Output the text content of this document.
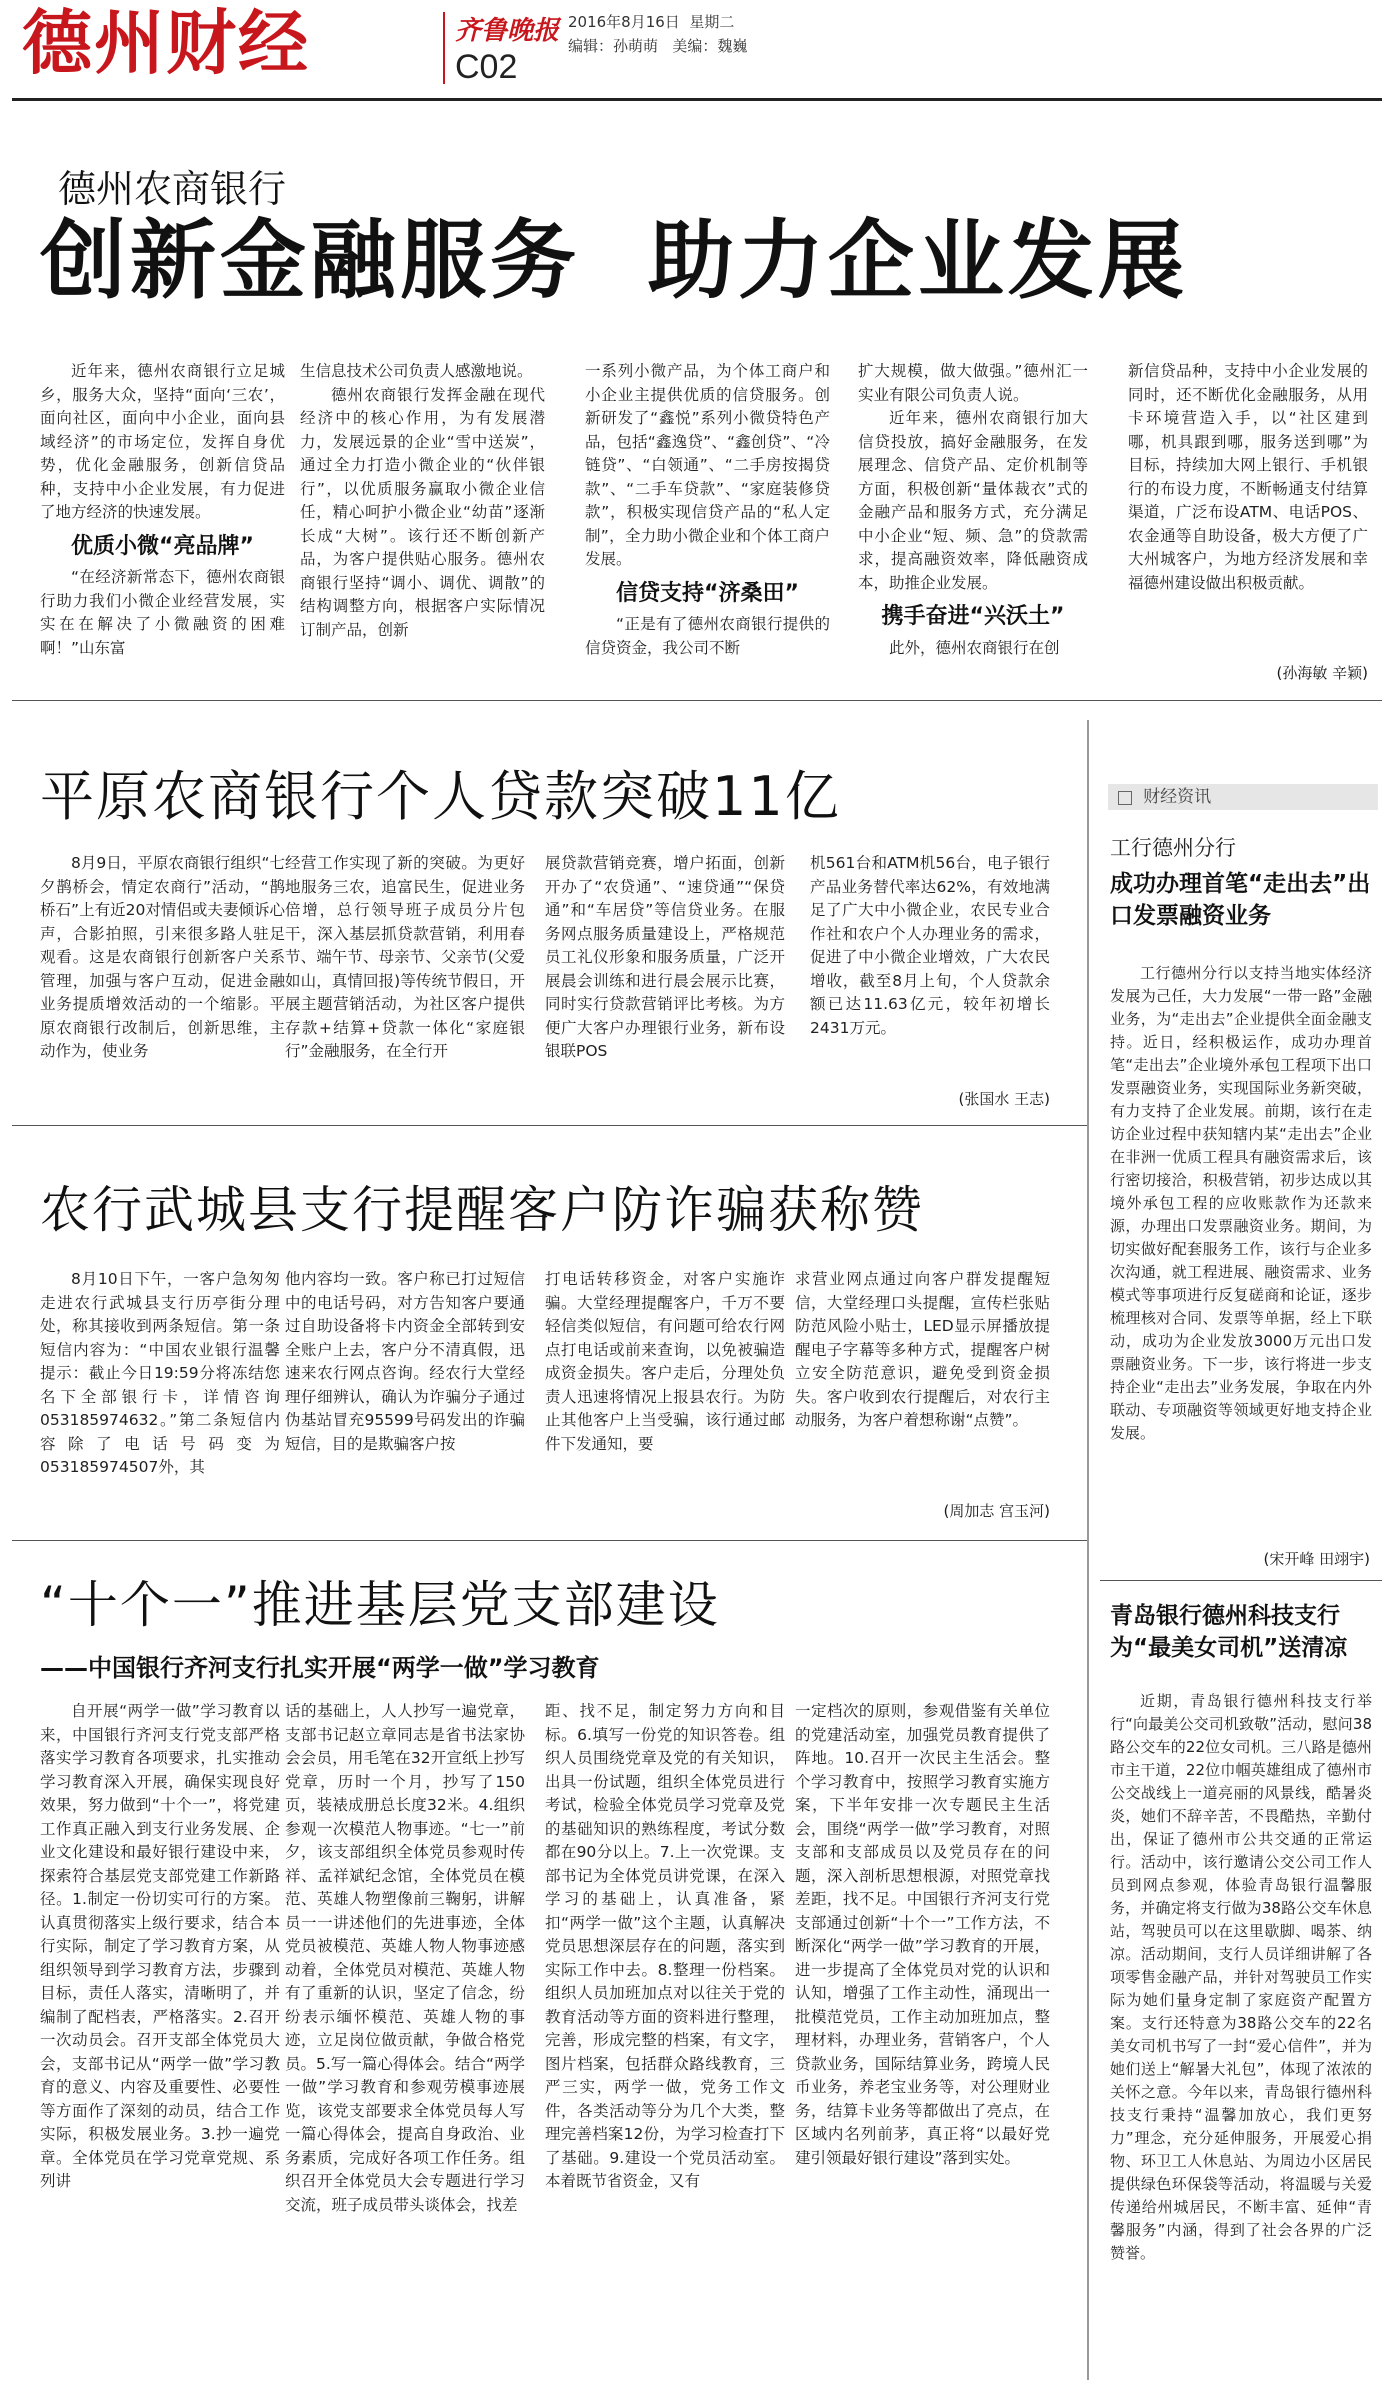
德州财经	齐鲁晚报
C02
2016年8月16日 星期二
编辑：孙萌萌 美编：魏巍
德州农商银行
创新金融服务  助力企业发展

近年来，德州农商银行立足城乡，服务大众，坚持“面向‘三农’，面向社区，面向中小企业，面向县域经济”的市场定位，发挥自身优势，优化金融服务，创新信贷品种，支持中小企业发展，有力促进了地方经济的快速发展。

优质小微“亮品牌”

“在经济新常态下，德州农商银行助力我们小微企业经营发展，实实在在解决了小微融资的困难啊！”山东富

生信息技术公司负责人感激地说。

德州农商银行发挥金融在现代经济中的核心作用，为有发展潜力，发展远景的企业“雪中送炭”，通过全力打造小微企业的“伙伴银行”，以优质服务赢取小微企业信任，精心呵护小微企业“幼苗”逐渐长成“大树”。该行还不断创新产品，为客户提供贴心服务。德州农商银行坚持“调小、调优、调散”的结构调整方向，根据客户实际情况订制产品，创新

一系列小微产品，为个体工商户和小企业主提供优质的信贷服务。创新研发了“鑫悦”系列小微贷特色产品，包括“鑫逸贷”、“鑫创贷”、“冷链贷”、“白领通”、“二手房按揭贷款”、“二手车贷款”、“家庭装修贷款”，积极实现信贷产品的“私人定制”，全力助小微企业和个体工商户发展。

信贷支持“济桑田”

“正是有了德州农商银行提供的信贷资金，我公司不断

扩大规模，做大做强。”德州汇一实业有限公司负责人说。

近年来，德州农商银行加大信贷投放，搞好金融服务，在发展理念、信贷产品、定价机制等方面，积极创新“量体裁衣”式的金融产品和服务方式，充分满足中小企业“短、频、急”的贷款需求，提高融资效率，降低融资成本，助推企业发展。

携手奋进“兴沃土”

此外，德州农商银行在创

新信贷品种，支持中小企业发展的同时，还不断优化金融服务，从用卡环境营造入手，以“社区建到哪，机具跟到哪，服务送到哪”为目标，持续加大网上银行、手机银行的布设力度，不断畅通支付结算渠道，广泛布设ATM、电话POS、农金通等自助设备，极大方便了广大州城客户，为地方经济发展和幸福德州建设做出积极贡献。

(孙海敏 辛颖)
平原农商银行个人贷款突破11亿

8月9日，平原农商银行组织“七夕鹊桥会，情定农商行”活动，“鹊桥石”上有近20对情侣或夫妻倾诉心声，合影拍照，引来很多路人驻足观看。这是农商银行创新客户关系管理，加强与客户互动，促进金融业务提质增效活动的一个缩影。平原农商银行改制后，创新思维，主动作为，使业务

经营工作实现了新的突破。为更好地服务三农，追富民生，促进业务倍增，总行领导班子成员分片包干，深入基层抓贷款营销，利用春节、端午节、母亲节、父亲节(父爱如山，真情回报)等传统节假日，开展主题营销活动，为社区客户提供存款+结算+贷款一体化“家庭银行”金融服务，在全行开

展贷款营销竞赛，增户拓面，创新开办了“农贷通”、“速贷通”“保贷通”和“车居贷”等信贷业务。在服务网点服务质量建设上，严格规范员工礼仪形象和服务质量，广泛开展晨会训练和进行晨会展示比赛，同时实行贷款营销评比考核。为方便广大客户办理银行业务，新布设银联POS

机561台和ATM机56台，电子银行产品业务替代率达62%，有效地满足了广大中小微企业，农民专业合作社和农户个人办理业务的需求，促进了中小微企业增效，广大农民增收，截至8月上旬，个人贷款余额已达11.63亿元，较年初增长2431万元。

(张国水 王志)
农行武城县支行提醒客户防诈骗获称赞

8月10日下午，一客户急匆匆走进农行武城县支行历亭街分理处，称其接收到两条短信。第一条短信内容为：“中国农业银行温馨提示：截止今日19:59分将冻结您名下全部银行卡，详情咨询053185974632。”第二条短信内容除了电话号码变为053185974507外，其

他内容均一致。客户称已打过短信中的电话号码，对方告知客户要通过自助设备将卡内资金全部转到安全账户上去，客户分不清真假，迅速来农行网点咨询。经农行大堂经理仔细辨认，确认为诈骗分子通过伪基站冒充95599号码发出的诈骗短信，目的是欺骗客户按

打电话转移资金，对客户实施诈骗。大堂经理提醒客户，千万不要轻信类似短信，有问题可给农行网点打电话或前来查询，以免被骗造成资金损失。客户走后，分理处负责人迅速将情况上报县农行。为防止其他客户上当受骗，该行通过邮件下发通知，要

求营业网点通过向客户群发提醒短信，大堂经理口头提醒，宣传栏张贴防范风险小贴士，LED显示屏播放提醒电子字幕等多种方式，提醒客户树立安全防范意识，避免受到资金损失。客户收到农行提醒后，对农行主动服务，为客户着想称谢“点赞”。

(周加志 宫玉河)
“十个一”推进基层党支部建设
——中国银行齐河支行扎实开展“两学一做”学习教育

自开展“两学一做”学习教育以来，中国银行齐河支行党支部严格落实学习教育各项要求，扎实推动学习教育深入开展，确保实现良好效果，努力做到“十个一”，将党建工作真正融入到支行业务发展、企业文化建设和最好银行建设中来，探索符合基层党支部党建工作新路径。1.制定一份切实可行的方案。认真贯彻落实上级行要求，结合本行实际，制定了学习教育方案，从组织领导到学习教育方法，步骤到目标，责任人落实，清晰明了，并编制了配档表，严格落实。2.召开一次动员会。召开支部全体党员大会，支部书记从“两学一做”学习教育的意义、内容及重要性、必要性等方面作了深刻的动员，结合工作实际，积极发展业务。3.抄一遍党章。全体党员在学习党章党规、系列讲

话的基础上，人人抄写一遍党章，支部书记赵立章同志是省书法家协会会员，用毛笔在32开宣纸上抄写党章，历时一个月，抄写了150页，装裱成册总长度32米。4.组织参观一次模范人物事迹。“七一”前夕，该支部组织全体党员参观时传祥、孟祥斌纪念馆，全体党员在模范、英雄人物塑像前三鞠躬，讲解员一一讲述他们的先进事迹，全体党员被模范、英雄人物人物事迹感动着，全体党员对模范、英雄人物有了重新的认识，坚定了信念，纷纷表示缅怀模范、英雄人物的事迹，立足岗位做贡献，争做合格党员。5.写一篇心得体会。结合“两学一做”学习教育和参观劳模事迹展览，该党支部要求全体党员每人写一篇心得体会，提高自身政治、业务素质，完成好各项工作任务。组织召开全体党员大会专题进行学习交流，班子成员带头谈体会，找差

距、找不足，制定努力方向和目标。6.填写一份党的知识答卷。组织人员围绕党章及党的有关知识，出具一份试题，组织全体党员进行考试，检验全体党员学习党章及党的基础知识的熟练程度，考试分数都在90分以上。7.上一次党课。支部书记为全体党员讲党课，在深入学习的基础上，认真准备，紧扣“两学一做”这个主题，认真解决党员思想深层存在的问题，落实到实际工作中去。8.整理一份档案。组织人员加班加点对以往关于党的教育活动等方面的资料进行整理，完善，形成完整的档案，有文字，图片档案，包括群众路线教育，三严三实，两学一做，党务工作文件，各类活动等分为几个大类，整理完善档案12份，为学习检查打下了基础。9.建设一个党员活动室。本着既节省资金，又有

一定档次的原则，参观借鉴有关单位的党建活动室，加强党员教育提供了阵地。10.召开一次民主生活会。整个学习教育中，按照学习教育实施方案，下半年安排一次专题民主生活会，围绕“两学一做”学习教育，对照支部和支部成员以及党员存在的问题，深入剖析思想根源，对照党章找差距，找不足。中国银行齐河支行党支部通过创新“十个一”工作方法，不断深化“两学一做”学习教育的开展，进一步提高了全体党员对党的认识和认知，增强了工作主动性，涌现出一批模范党员，工作主动加班加点，整理材料，办理业务，营销客户，个人贷款业务，国际结算业务，跨境人民币业务，养老宝业务等，对公理财业务，结算卡业务等都做出了亮点，在区域内名列前茅，真正将“以最好党建引领最好银行建设”落到实处。

财经资讯
工行德州分行
成功办理首笔“走出去”出口发票融资业务

工行德州分行以支持当地实体经济发展为己任，大力发展“一带一路”金融业务，为“走出去”企业提供全面金融支持。近日，经积极运作，成功办理首笔“走出去”企业境外承包工程项下出口发票融资业务，实现国际业务新突破，有力支持了企业发展。前期，该行在走访企业过程中获知辖内某“走出去”企业在非洲一优质工程具有融资需求后，该行密切接洽，积极营销，初步达成以其境外承包工程的应收账款作为还款来源，办理出口发票融资业务。期间，为切实做好配套服务工作，该行与企业多次沟通，就工程进展、融资需求、业务模式等事项进行反复磋商和论证，逐步梳理核对合同、发票等单据，经上下联动，成功为企业发放3000万元出口发票融资业务。下一步，该行将进一步支持企业“走出去”业务发展，争取在内外联动、专项融资等领域更好地支持企业发展。

(宋开峰 田翊宇)
青岛银行德州科技支行为“最美女司机”送清凉

近期，青岛银行德州科技支行举行“向最美公交司机致敬”活动，慰问38路公交车的22位女司机。三八路是德州市主干道，22位巾帼英雄组成了德州市公交战线上一道亮丽的风景线，酷暑炎炎，她们不辞辛苦，不畏酷热，辛勤付出，保证了德州市公共交通的正常运行。活动中，该行邀请公交公司工作人员到网点参观，体验青岛银行温馨服务，并确定将支行做为38路公交车休息站，驾驶员可以在这里歇脚、喝茶、纳凉。活动期间，支行人员详细讲解了各项零售金融产品，并针对驾驶员工作实际为她们量身定制了家庭资产配置方案。支行还特意为38路公交车的22名美女司机书写了一封“爱心信件”，并为她们送上“解暑大礼包”，体现了浓浓的关怀之意。今年以来，青岛银行德州科技支行秉持“温馨加放心，我们更努力”理念，充分延伸服务，开展爱心捐物、环卫工人休息站、为周边小区居民提供绿色环保袋等活动，将温暖与关爱传递给州城居民，不断丰富、延伸“青馨服务”内涵，得到了社会各界的广泛赞誉。
